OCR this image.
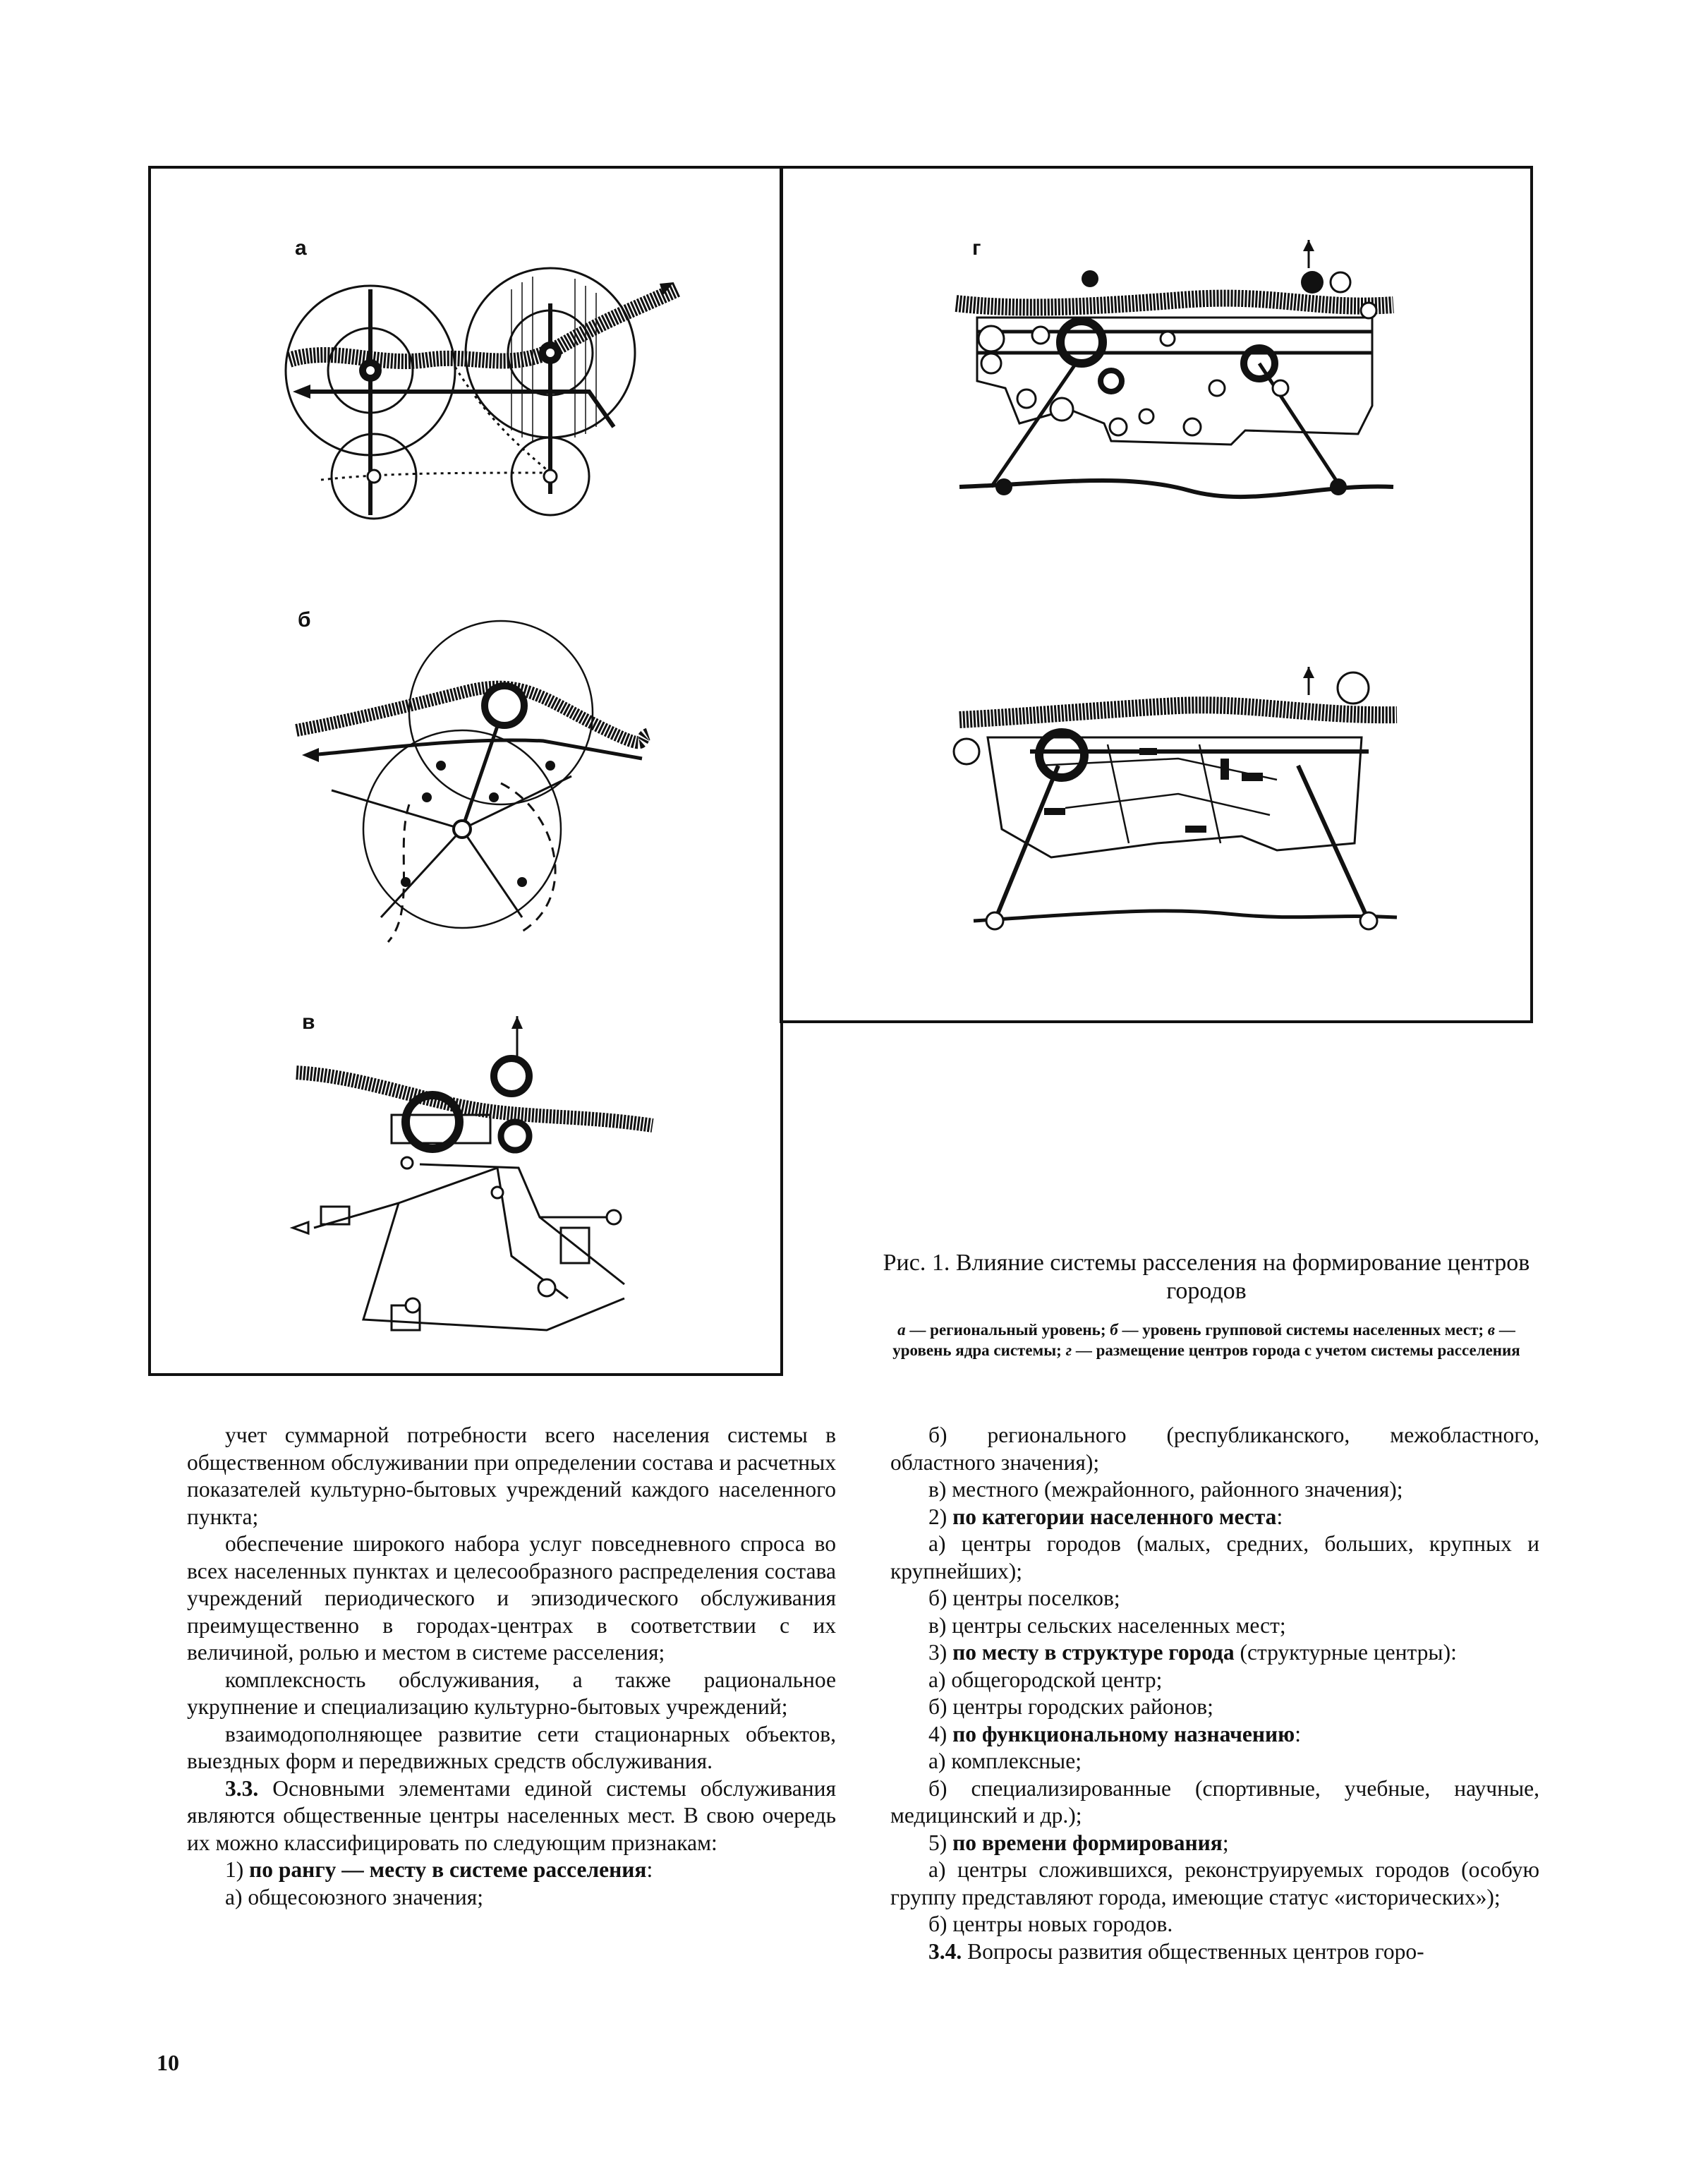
а
б
в
г
Рис. 1. Влияние системы расселения на формирование центров городов
а — региональный уровень; б — уровень групповой системы населенных мест; в — уровень ядра системы; г — размещение центров города с учетом системы расселения

учет суммарной потребности всего населения системы в общественном обслуживании при определении состава и расчетных показателей культурно-бытовых учреждений каждого населенного пункта;

обеспечение широкого набора услуг повседневного спроса во всех населенных пунктах и целесообразного распределения состава учреждений периодического и эпизодического обслуживания преимущественно в городах-центрах в соответствии с их величиной, ролью и местом в системе расселения;

комплексность обслуживания, а также рациональное укрупнение и специализацию культурно-бытовых учреждений;

взаимодополняющее развитие сети стационарных объектов, выездных форм и передвижных средств обслуживания.

3.3. Основными элементами единой системы обслуживания являются общественные центры населенных мест. В свою очередь их можно классифицировать по следующим признакам:

1) по рангу — месту в системе расселения:

а) общесоюзного значения;

б) регионального (республиканского, межобластного, областного значения);

в) местного (межрайонного, районного значения);

2) по категории населенного места:

а) центры городов (малых, средних, больших, крупных и крупнейших);

б) центры поселков;

в) центры сельских населенных мест;

3) по месту в структуре города (структурные центры):

а) общегородской центр;

б) центры городских районов;

4) по функциональному назначению:

а) комплексные;

б) специализированные (спортивные, учебные, научные, медицинский и др.);

5) по времени формирования;

а) центры сложившихся, реконструируемых городов (особую группу представляют города, имеющие статус «исторических»);

б) центры новых городов.

3.4. Вопросы развития общественных центров горо-

10
